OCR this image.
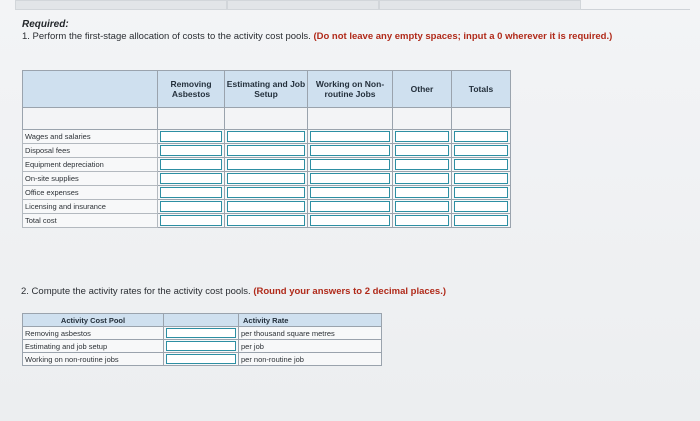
Required:
1. Perform the first-stage allocation of costs to the activity cost pools. (Do not leave any empty spaces; input a 0 wherever it is required.)
	Removing Asbestos	Estimating and Job Setup	Working on Non-routine Jobs	Other	Totals

Wages and salaries	

Disposal fees	

Equipment depreciation	

On-site supplies	

Office expenses	

Licensing and insurance	

Total cost	

2. Compute the activity rates for the activity cost pools. (Round your answers to 2 decimal places.)
Activity Cost Pool		Activity Rate
Removing asbestos		per thousand square metres
Estimating and job setup		per job
Working on non-routine jobs		per non-routine job
